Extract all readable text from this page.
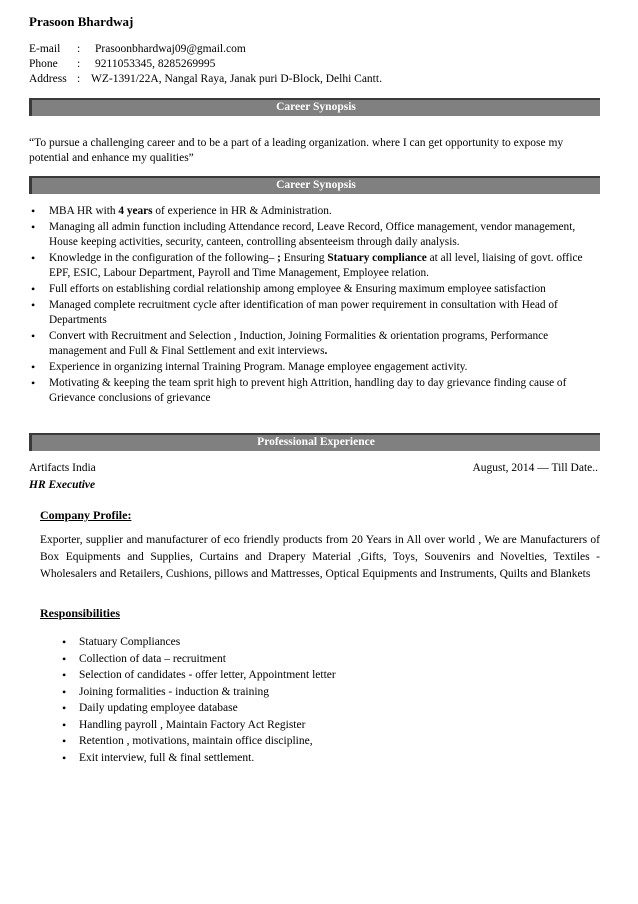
Prasoon Bhardwaj
E-mail	:	Prasoonbhardwaj09@gmail.com
Phone	:	9211053345, 8285269995
Address : WZ-1391/22A, Nangal Raya, Janak puri D-Block, Delhi Cantt.
Career Synopsis
“To pursue a challenging career and to be a part of a leading organization. where I can get opportunity to expose my potential and enhance my qualities”
Career Synopsis
• MBA HR with 4 years of experience in HR & Administration.
• Managing all admin function including Attendance record, Leave Record, Office management, vendor management, House keeping activities, security, canteen, controlling absenteeism through daily analysis.
• Knowledge in the configuration of the following– ; Ensuring Statuary compliance at all level, liaising of govt. office EPF, ESIC, Labour Department, Payroll and Time Management, Employee relation.
• Full efforts on establishing cordial relationship among employee & Ensuring maximum employee satisfaction
• Managed complete recruitment cycle after identification of man power requirement in consultation with Head of Departments
• Convert with Recruitment and Selection , Induction, Joining Formalities & orientation programs, Performance management and Full & Final Settlement and exit interviews.
• Experience in organizing internal Training Program. Manage employee engagement activity.
• Motivating & keeping the team sprit high to prevent high Attrition, handling day to day grievance finding cause of Grievance conclusions of grievance
Professional Experience
Artifacts India	August, 2014 — Till Date..
HR Executive
Company Profile:
Exporter, supplier and manufacturer of eco friendly products from 20 Years in All over world , We are Manufacturers of Box Equipments and Supplies, Curtains and Drapery Material ,Gifts, Toys, Souvenirs and Novelties, Textiles - Wholesalers and Retailers, Cushions, pillows and Mattresses, Optical Equipments and Instruments, Quilts and Blankets
Responsibilities
• Statuary Compliances
• Collection of data – recruitment
• Selection of candidates - offer letter, Appointment letter
• Joining formalities - induction & training
• Daily updating employee database
• Handling payroll , Maintain Factory Act Register
• Retention , motivations, maintain office discipline,
• Exit interview, full & final settlement.
